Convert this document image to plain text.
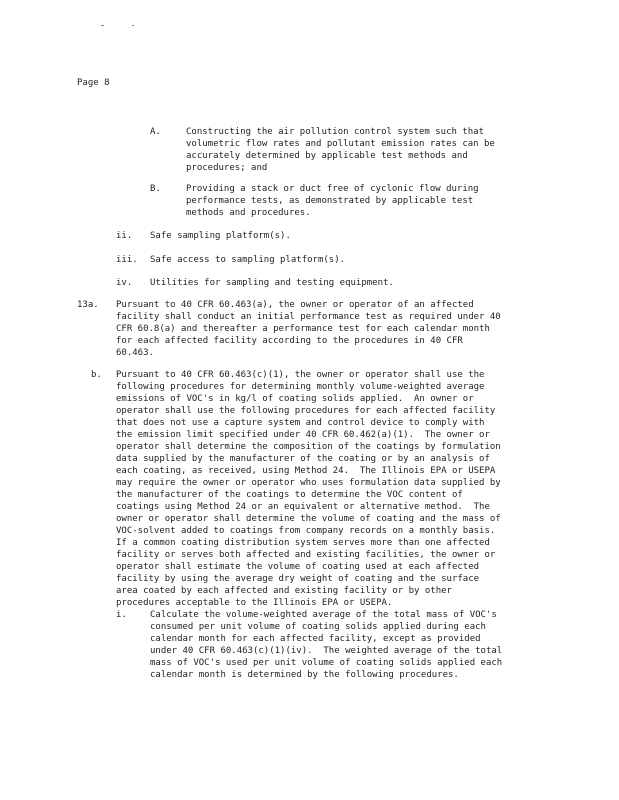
Page 8
A.	Constructing the air pollution control system such that
volumetric flow rates and pollutant emission rates can be
accurately determined by applicable test methods and
procedures; and
B.	Providing a stack or duct free of cyclonic flow during
performance tests, as demonstrated by applicable test
methods and procedures.
ii. Safe sampling platform(s).
iii. Safe access to sampling platform(s).
iv. Utilities for sampling and testing equipment.
13a. Pursuant to 40 CFR 60.463(a), the owner or operator of an affected
facility shall conduct an initial performance test as required under 40
CFR 60.8(a) and thereafter a performance test for each calendar month
for each affected facility according to the procedures in 40 CFR
60.463.
b. Pursuant to 40 CFR 60.463(c)(1), the owner or operator shall use the
following procedures for determining monthly volume-weighted average
emissions of VOC's in kg/l of coating solids applied.  An owner or
operator shall use the following procedures for each affected facility
that does not use a capture system and control device to comply with
the emission limit specified under 40 CFR 60.462(a)(1).  The owner or
operator shall determine the composition of the coatings by formulation
data supplied by the manufacturer of the coating or by an analysis of
each coating, as received, using Method 24.  The Illinois EPA or USEPA
may require the owner or operator who uses formulation data supplied by
the manufacturer of the coatings to determine the VOC content of
coatings using Method 24 or an equivalent or alternative method.  The
owner or operator shall determine the volume of coating and the mass of
VOC-solvent added to coatings from company records on a monthly basis.
If a common coating distribution system serves more than one affected
facility or serves both affected and existing facilities, the owner or
operator shall estimate the volume of coating used at each affected
facility by using the average dry weight of coating and the surface
area coated by each affected and existing facility or by other
procedures acceptable to the Illinois EPA or USEPA.
i.	Calculate the volume-weighted average of the total mass of VOC's
consumed per unit volume of coating solids applied during each
calendar month for each affected facility, except as provided
under 40 CFR 60.463(c)(1)(iv).  The weighted average of the total
mass of VOC's used per unit volume of coating solids applied each
calendar month is determined by the following procedures.
